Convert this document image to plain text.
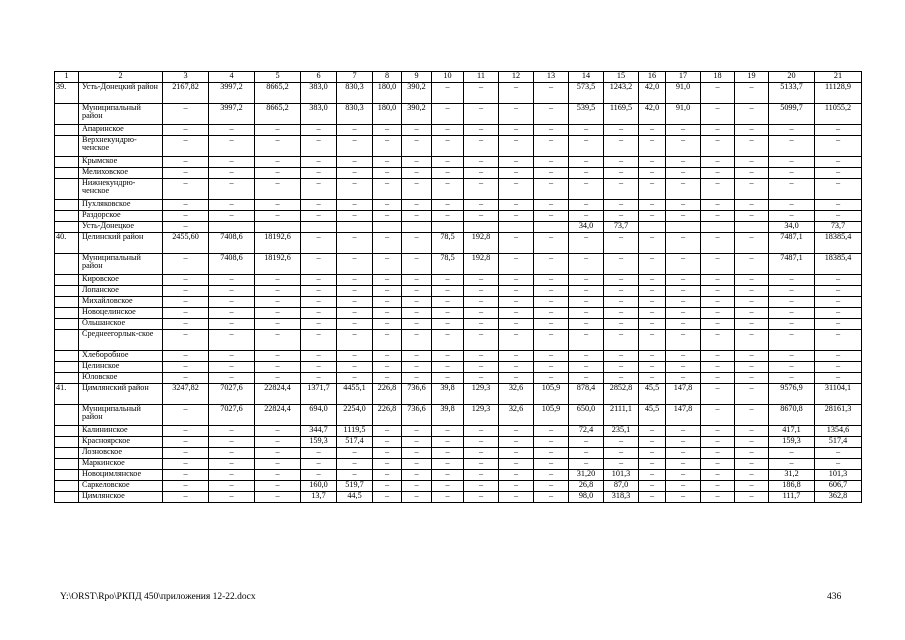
1	2	3	4	5	6	7	8	9	10	11	12	13	14	15	16	17	18	19	20	21
39.	Усть-Донецкий район	2167,82	3997,2	8665,2	383,0	830,3	180,0	390,2	–	–	–	–	573,5	1243,2	42,0	91,0	–	–	5133,7	11128,9
	Муниципальный район	–	3997,2	8665,2	383,0	830,3	180,0	390,2	–	–	–	–	539,5	1169,5	42,0	91,0	–	–	5099,7	11055,2
	Апаринское	–	–	–	–	–	–	–	–	–	–	–	–	–	–	–	–	–	–	–
	Верхнекундрю-ченское	–	–	–	–	–	–	–	–	–	–	–	–	–	–	–	–	–	–	–
	Крымское	–	–	–	–	–	–	–	–	–	–	–	–	–	–	–	–	–	–	–
	Мелиховское	–	–	–	–	–	–	–	–	–	–	–	–	–	–	–	–	–	–	–
	Нижнекундрю-ченское	–	–	–	–	–	–	–	–	–	–	–	–	–	–	–	–	–	–	–
	Пухляковское	–	–	–	–	–	–	–	–	–	–	–	–	–	–	–	–	–	–	–
	Раздорское	–	–	–	–	–	–	–	–	–	–	–	–	–	–	–	–	–	–	–
	Усть-Донецкое	–											34,0	73,7					34,0	73,7
40.	Целинский район	2455,60	7408,6	18192,6	–	–	–	–	78,5	192,8	–	–	–	–	–	–	–	–	7487,1	18385,4
	Муниципальный район	–	7408,6	18192,6	–	–	–	–	78,5	192,8	–	–	–	–	–	–	–	–	7487,1	18385,4
	Кировское	–	–	–	–	–	–	–	–	–	–	–	–	–	–	–	–	–	–	–
	Лопанское	–	–	–	–	–	–	–	–	–	–	–	–	–	–	–	–	–	–	–
	Михайловское	–	–	–	–	–	–	–	–	–	–	–	–	–	–	–	–	–	–	–
	Новоцелинское	–	–	–	–	–	–	–	–	–	–	–	–	–	–	–	–	–	–	–
	Ольшанское	–	–	–	–	–	–	–	–	–	–	–	–	–	–	–	–	–	–	–
	Среднеегорлык-ское	–	–	–	–	–	–	–	–	–	–	–	–	–	–	–	–	–	–	–
	Хлеборобное	–	–	–	–	–	–	–	–	–	–	–	–	–	–	–	–	–	–	–
	Целинское	–	–	–	–	–	–	–	–	–	–	–	–	–	–	–	–	–	–	–
	Юловское	–	–	–	–	–	–	–	–	–	–	–	–	–	–	–	–	–	–	–
41.	Цимлянский район	3247,82	7027,6	22824,4	1371,7	4455,1	226,8	736,6	39,8	129,3	32,6	105,9	878,4	2852,8	45,5	147,8	–	–	9576,9	31104,1
	Муниципальный район	–	7027,6	22824,4	694,0	2254,0	226,8	736,6	39,8	129,3	32,6	105,9	650,0	2111,1	45,5	147,8	–	–	8670,8	28161,3
	Калининское	–	–	–	344,7	1119,5	–	–	–	–	–	–	72,4	235,1	–	–	–	–	417,1	1354,6
	Красноярское	–	–	–	159,3	517,4	–	–	–	–	–	–	–	–	–	–	–	–	159,3	517,4
	Лозновское	–	–	–	–	–	–	–	–	–	–	–	–	–	–	–	–	–	–	–
	Маркинское	–	–	–	–	–	–	–	–	–	–	–	–	–	–	–	–	–	–	–
	Новоцимлянское	–	–	–	–	–	–	–	–	–	–	–	31,20	101,3	–	–	–	–	31,2	101,3
	Саркеловское	–	–	–	160,0	519,7	–	–	–	–	–	–	26,8	87,0	–	–	–	–	186,8	606,7
	Цимлянское	–	–	–	13,7	44,5	–	–	–	–	–	–	98,0	318,3	–	–	–	–	111,7	362,8
Y:\ORST\Rpo\РКПД 450\приложения 12-22.docx	436
